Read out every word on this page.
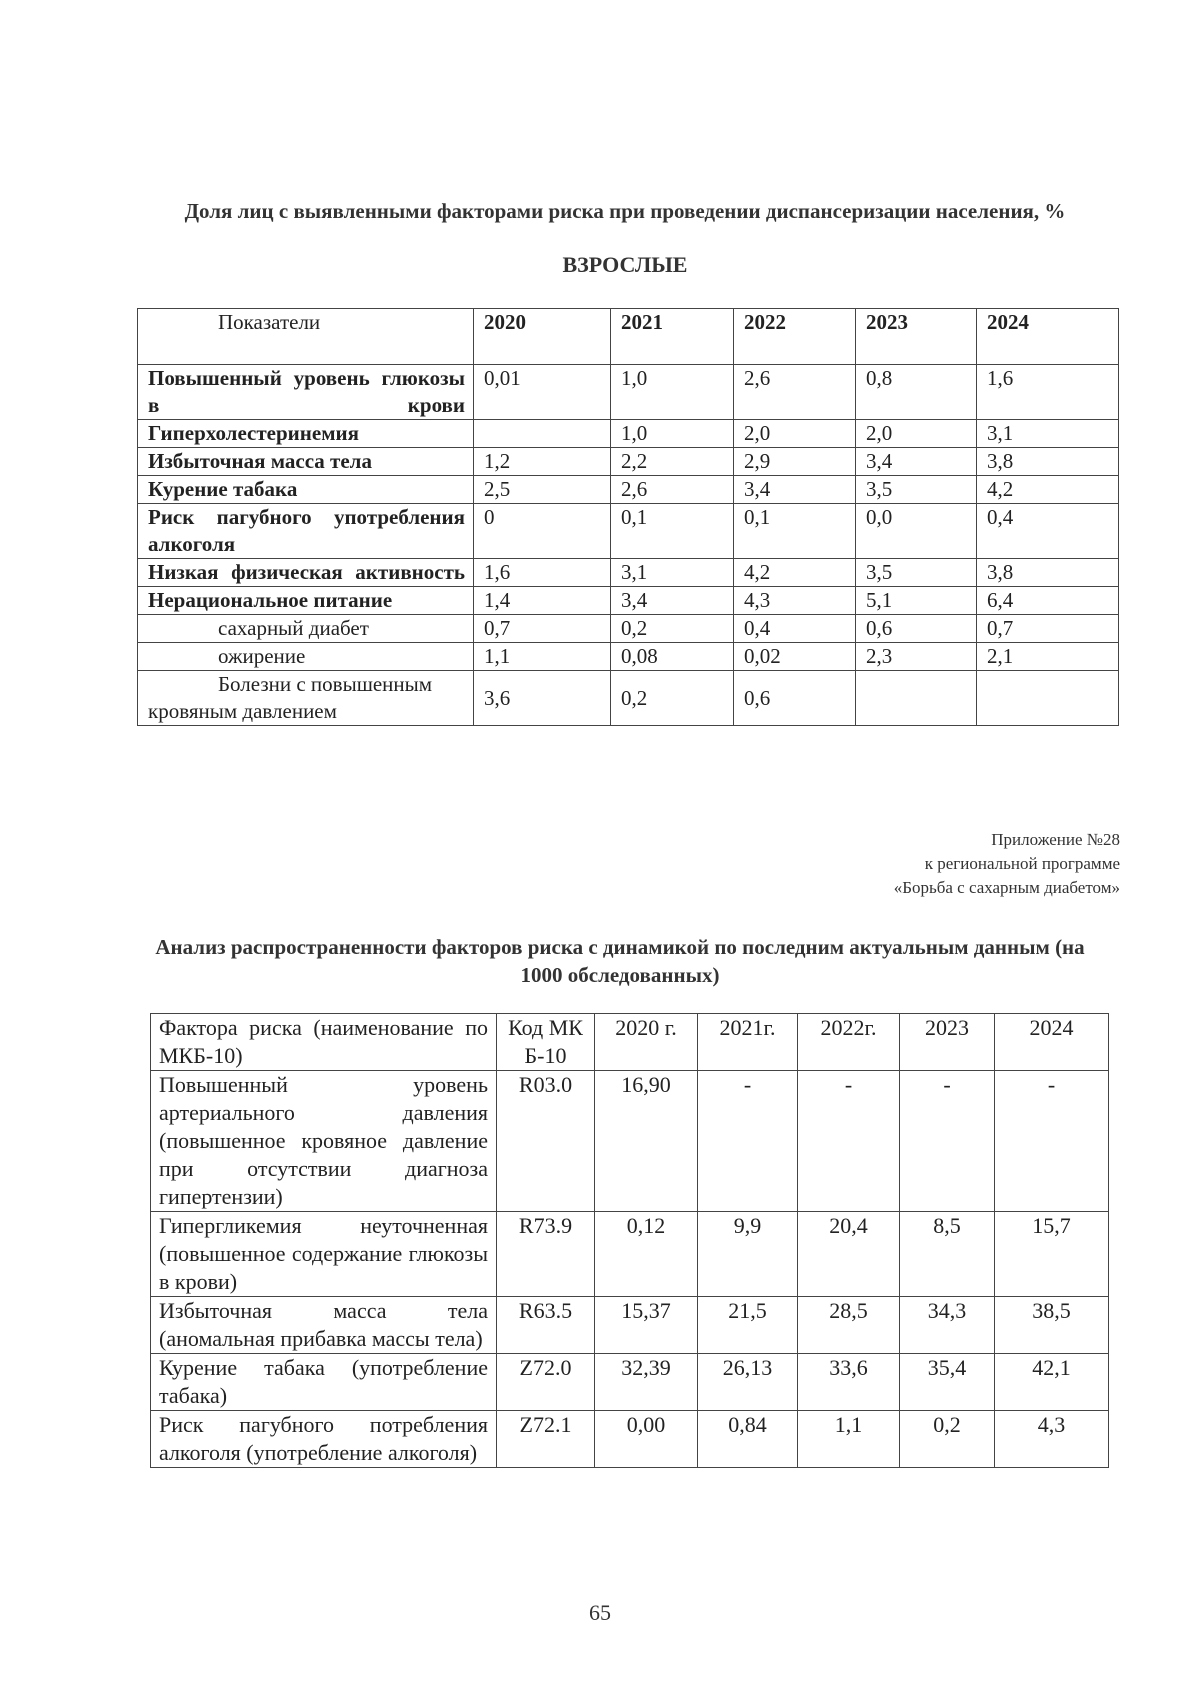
Доля лиц с выявленными факторами риска при проведении диспансеризации населения, %
ВЗРОСЛЫЕ
Показатели	2020	2021	2022	2023	2024
Повышенный уровень глюкозы в крови	0,01	1,0	2,6	0,8	1,6
Гиперхолестеринемия		1,0	2,0	2,0	3,1
Избыточная масса тела	1,2	2,2	2,9	3,4	3,8
Курение табака	2,5	2,6	3,4	3,5	4,2
Риск пагубного употребления алкоголя	0	0,1	0,1	0,0	0,4
Низкая физическая активность	1,6	3,1	4,2	3,5	3,8
Нерациональное питание	1,4	3,4	4,3	5,1	6,4
сахарный диабет	0,7	0,2	0,4	0,6	0,7
ожирение	1,1	0,08	0,02	2,3	2,1
Болезни с повышенным кровяным давлением	3,6	0,2	0,6		
Приложение №28
к региональной программе
«Борьба с сахарным диабетом»
Анализ распространенности факторов риска с динамикой по последним актуальным данным (на 1000 обследованных)
Фактора риска (наименование по МКБ-10)	Код МКБ-10	2020 г.	2021г.	2022г.	2023	2024
Повышенный уровень артериального давления (повышенное кровяное давление при отсутствии диагноза гипертензии)	R03.0	16,90	-	-	-	-
Гипергликемия неуточненная (повышенное содержание глюкозы в крови)	R73.9	0,12	9,9	20,4	8,5	15,7
Избыточная масса тела (аномальная прибавка массы тела)	R63.5	15,37	21,5	28,5	34,3	38,5
Курение табака (употребление табака)	Z72.0	32,39	26,13	33,6	35,4	42,1
Риск пагубного потребления алкоголя (употребление алкоголя)	Z72.1	0,00	0,84	1,1	0,2	4,3
65
